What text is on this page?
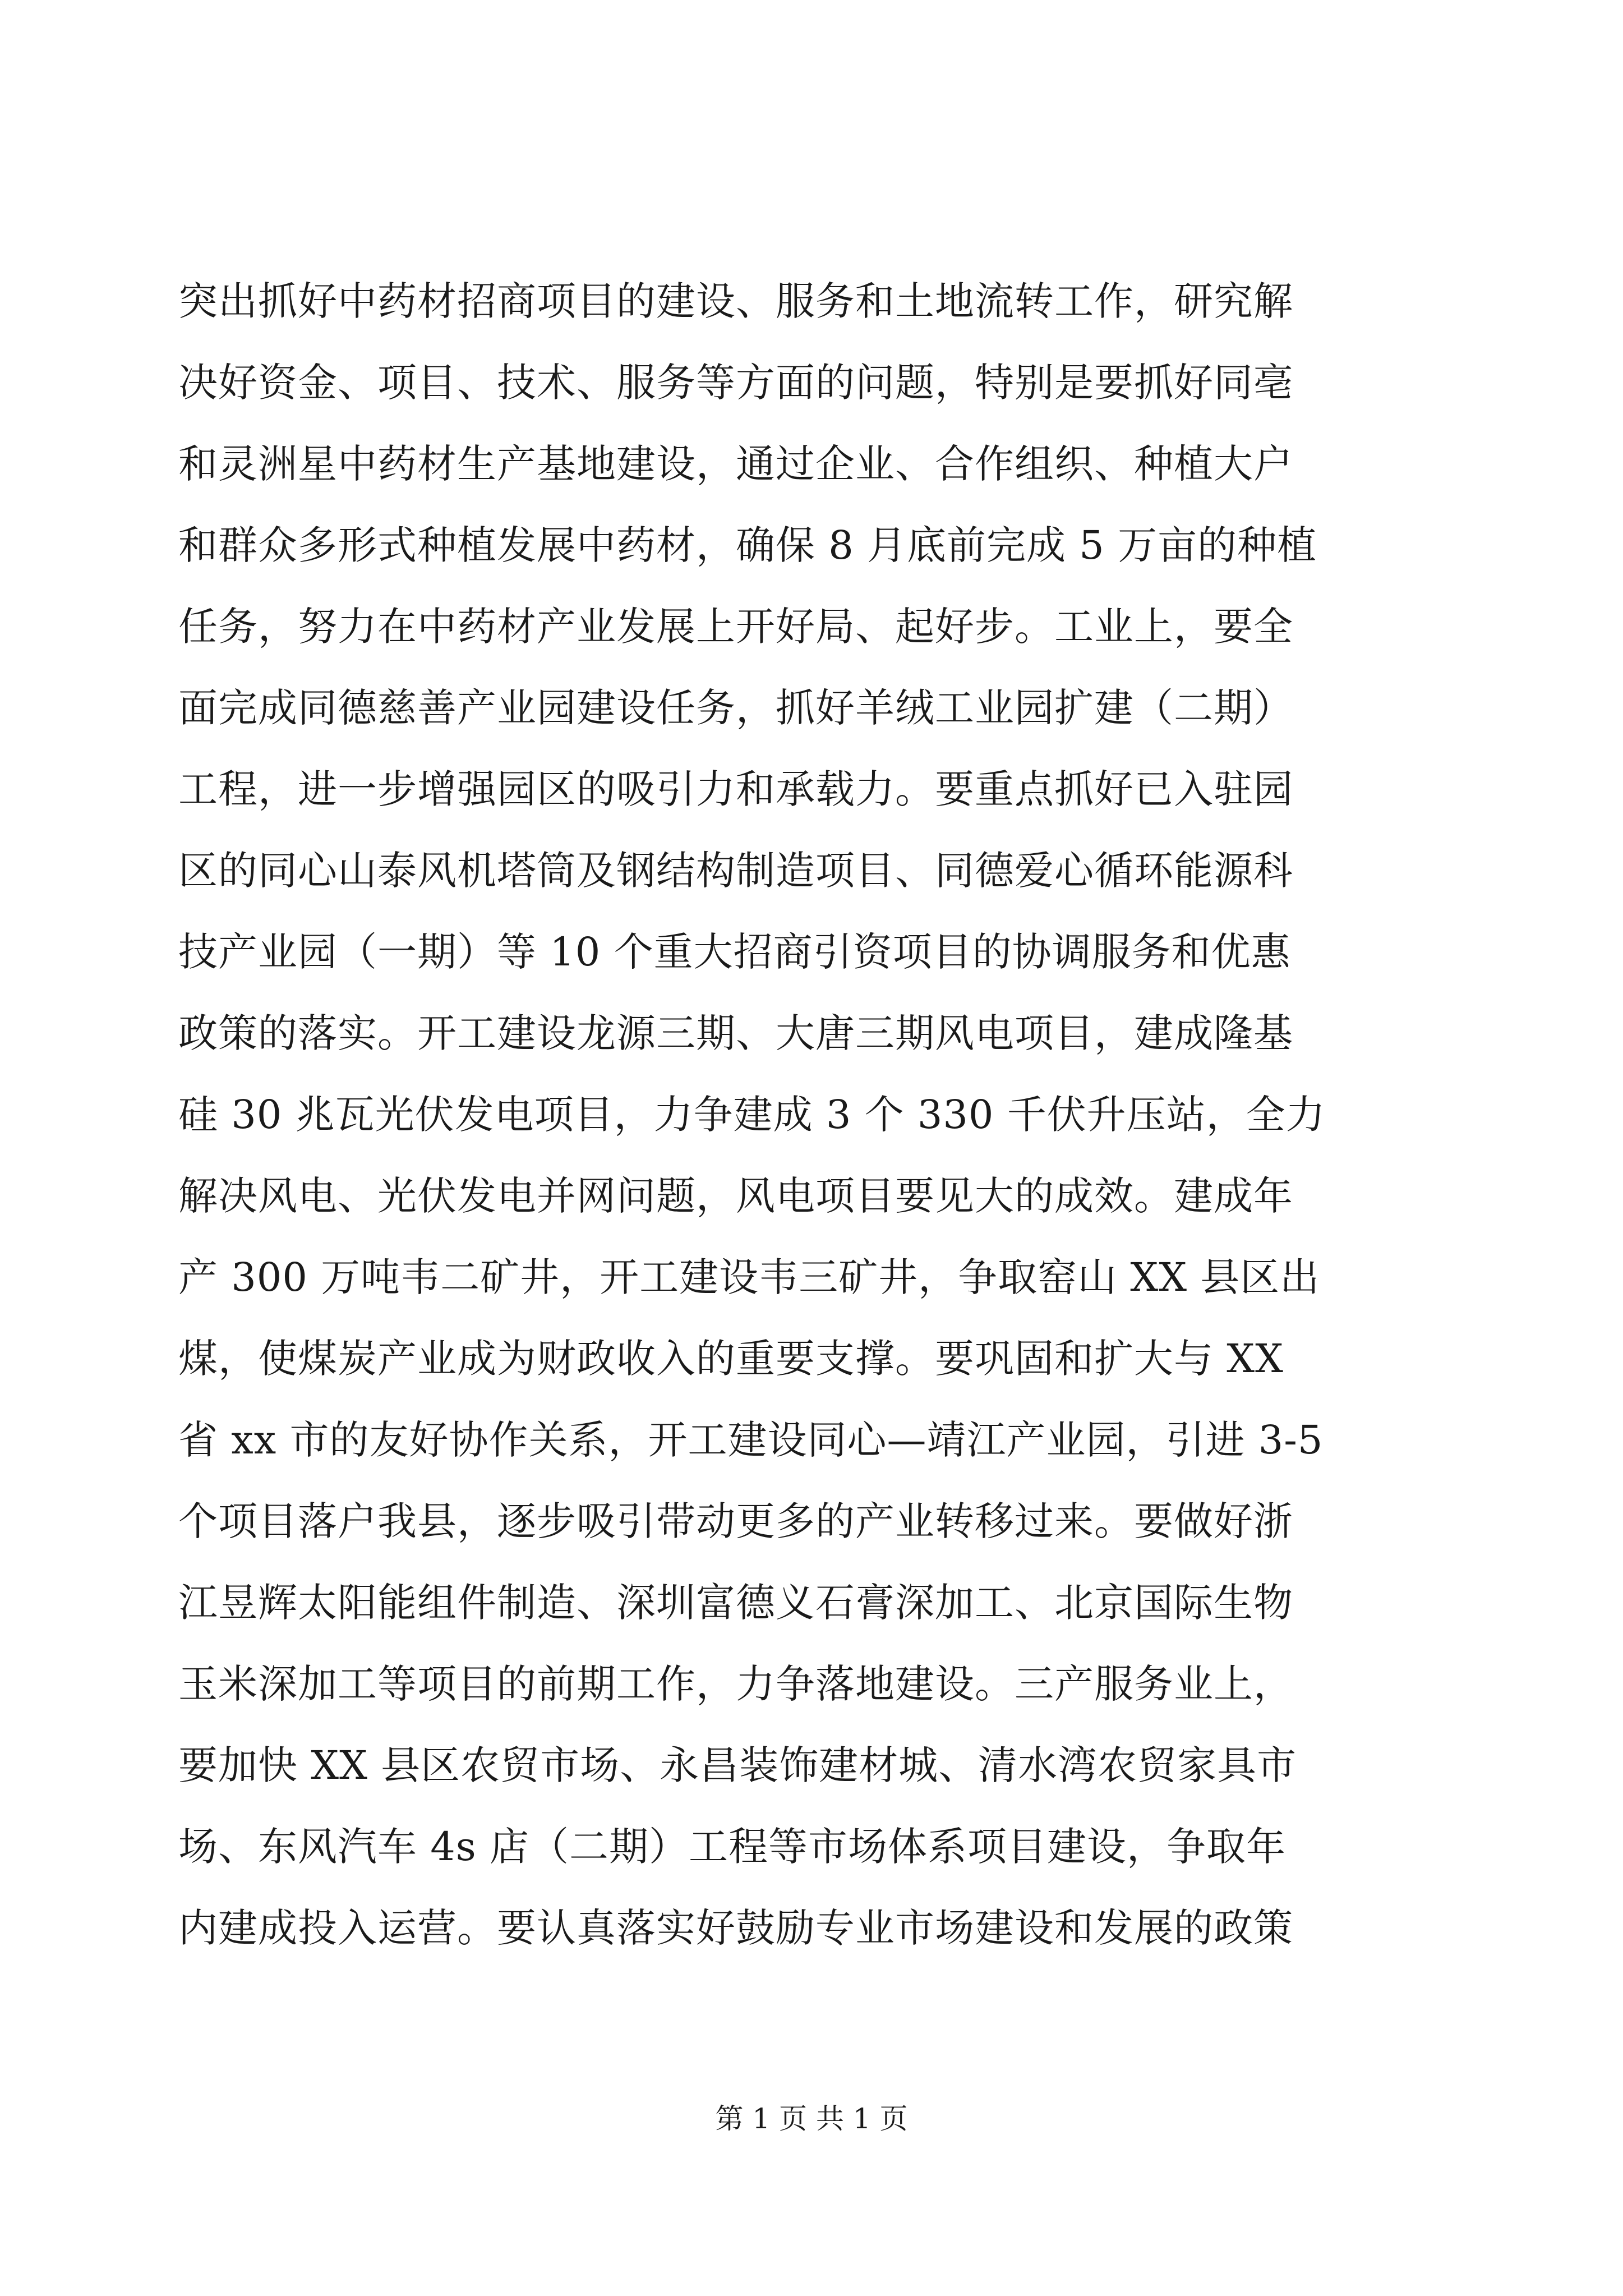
突出抓好中药材招商项目的建设、服务和土地流转工作，研究解
决好资金、项目、技术、服务等方面的问题，特别是要抓好同亳
和灵洲星中药材生产基地建设，通过企业、合作组织、种植大户
和群众多形式种植发展中药材，确保 8 月底前完成 5 万亩的种植
任务，努力在中药材产业发展上开好局、起好步。工业上，要全
面完成同德慈善产业园建设任务，抓好羊绒工业园扩建（二期）
工程，进一步增强园区的吸引力和承载力。要重点抓好已入驻园
区的同心山泰风机塔筒及钢结构制造项目、同德爱心循环能源科
技产业园（一期）等 10 个重大招商引资项目的协调服务和优惠
政策的落实。开工建设龙源三期、大唐三期风电项目，建成隆基
硅 30 兆瓦光伏发电项目，力争建成 3 个 330 千伏升压站，全力
解决风电、光伏发电并网问题，风电项目要见大的成效。建成年
产 300 万吨韦二矿井，开工建设韦三矿井，争取窑山 XX 县区出
煤，使煤炭产业成为财政收入的重要支撑。要巩固和扩大与 XX
省 xx 市的友好协作关系，开工建设同心—靖江产业园，引进 3-5
个项目落户我县，逐步吸引带动更多的产业转移过来。要做好浙
江昱辉太阳能组件制造、深圳富德义石膏深加工、北京国际生物
玉米深加工等项目的前期工作，力争落地建设。三产服务业上，
要加快 XX 县区农贸市场、永昌装饰建材城、清水湾农贸家具市
场、东风汽车 4s 店（二期）工程等市场体系项目建设，争取年
内建成投入运营。要认真落实好鼓励专业市场建设和发展的政策
第 1 页 共 1 页
